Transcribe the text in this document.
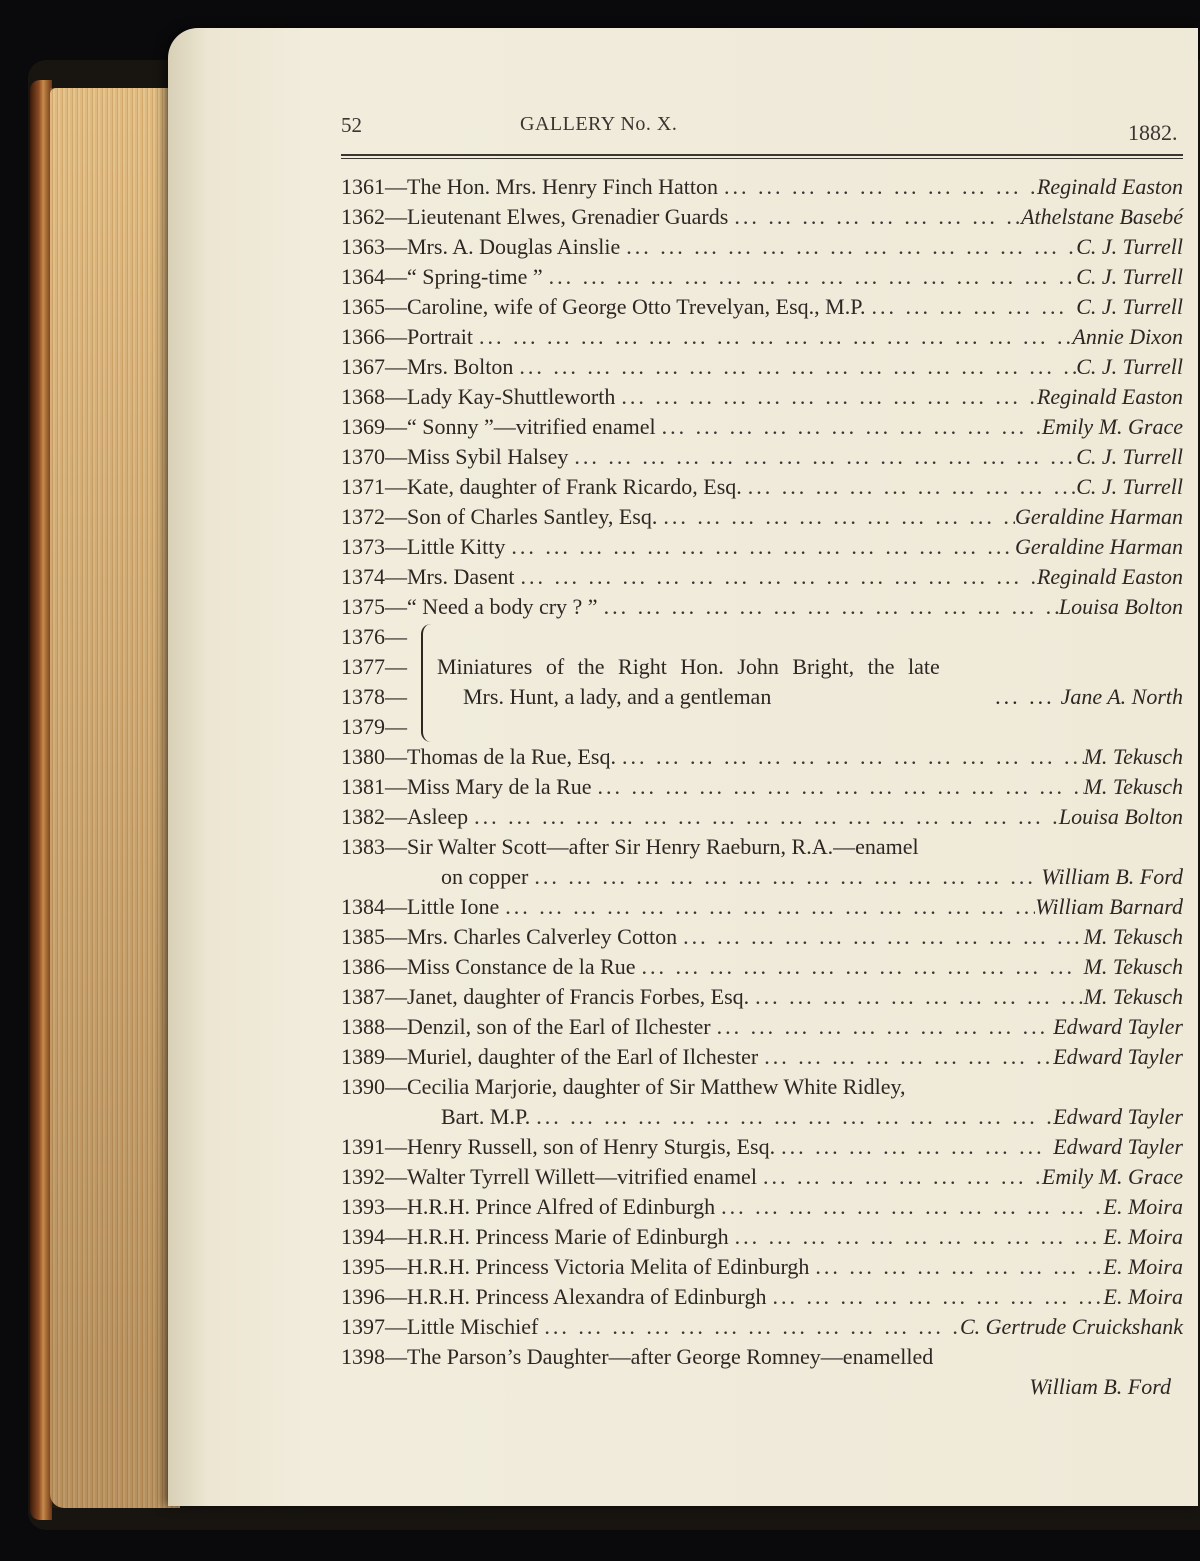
52	GALLERY No. X.	1882.
1361 —The Hon. Mrs. Henry Finch Hatton ... .	Reginald Easton
1362 —Lieutenant Elwes, Grenadier Guards ... .	Athelstane Basebé
1363 —Mrs. A. Douglas Ainslie ... .	C. J. Turrell
1364 —“ Spring-time ” ... .	C. J. Turrell
1365 —Caroline, wife of George Otto Trevelyan, Esq., M.P. ... .	C. J. Turrell
1366 —Portrait ... .	Annie Dixon
1367 —Mrs. Bolton ... .	C. J. Turrell
1368 —Lady Kay-Shuttleworth ... .	Reginald Easton
1369 —“ Sonny ”—vitrified enamel ... .	Emily M. Grace
1370 —Miss Sybil Halsey ... .	C. J. Turrell
1371 —Kate, daughter of Frank Ricardo, Esq. ... .	C. J. Turrell
1372 —Son of Charles Santley, Esq. ... .	Geraldine Harman
1373 —Little Kitty ... .	Geraldine Harman
1374 —Mrs. Dasent ... .	Reginald Easton
1375 —“ Need a body cry ? ” ... .	Louisa Bolton
1376—
1377—
1378—
1379—
Miniatures of the Right Hon. John Bright, the late
Mrs. Hunt, a lady, and a gentleman ... ...	Jane A. North
1380 —Thomas de la Rue, Esq. ... .	M. Tekusch
1381 —Miss Mary de la Rue ... .	M. Tekusch
1382 —Asleep ... .	Louisa Bolton
1383 —Sir Walter Scott—after Sir Henry Raeburn, R.A.—enamel
on copper ... .	William B. Ford
1384 —Little Ione ... .	William Barnard
1385 —Mrs. Charles Calverley Cotton ... .	M. Tekusch
1386 —Miss Constance de la Rue ... .	M. Tekusch
1387 —Janet, daughter of Francis Forbes, Esq. ... .	M. Tekusch
1388 —Denzil, son of the Earl of Ilchester ... .	Edward Tayler
1389 —Muriel, daughter of the Earl of Ilchester ... .	Edward Tayler
1390 —Cecilia Marjorie, daughter of Sir Matthew White Ridley,
Bart. M.P. ... .	Edward Tayler
1391 —Henry Russell, son of Henry Sturgis, Esq. ... .	Edward Tayler
1392 —Walter Tyrrell Willett—vitrified enamel ... .	Emily M. Grace
1393 —H.R.H. Prince Alfred of Edinburgh ... .	E. Moira
1394 —H.R.H. Princess Marie of Edinburgh ... .	E. Moira
1395 —H.R.H. Princess Victoria Melita of Edinburgh ... .	E. Moira
1396 —H.R.H. Princess Alexandra of Edinburgh ... .	E. Moira
1397 —Little Mischief ... .	C. Gertrude Cruickshank
1398 —The Parson’s Daughter—after George Romney—enamelled
William B. Ford
